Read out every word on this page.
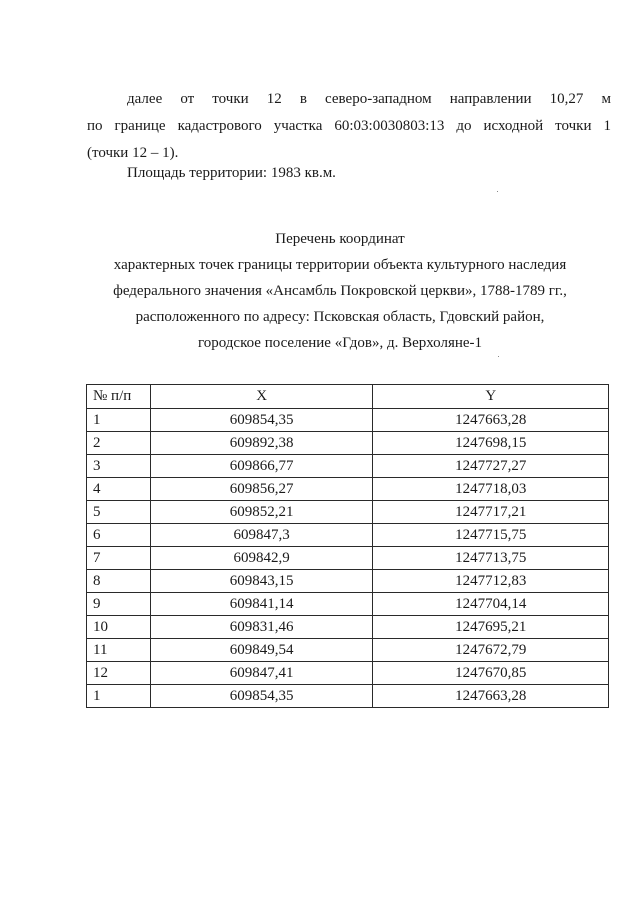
далее от точки 12 в северо-западном направлении 10,27 м
по границе кадастрового участка 60:03:0030803:13 до исходной точки 1
(точки 12 – 1).
Площадь территории: 1983 кв.м.
Перечень координат
характерных точек границы территории объекта культурного наследия
федерального значения «Ансамбль Покровской церкви», 1788-1789 гг.,
расположенного по адресу: Псковская область, Гдовский район,
городское поселение «Гдов», д. Верхоляне-1
№ п/п	X	Y
1	609854,35	1247663,28
2	609892,38	1247698,15
3	609866,77	1247727,27
4	609856,27	1247718,03
5	609852,21	1247717,21
6	609847,3	1247715,75
7	609842,9	1247713,75
8	609843,15	1247712,83
9	609841,14	1247704,14
10	609831,46	1247695,21
11	609849,54	1247672,79
12	609847,41	1247670,85
1	609854,35	1247663,28
